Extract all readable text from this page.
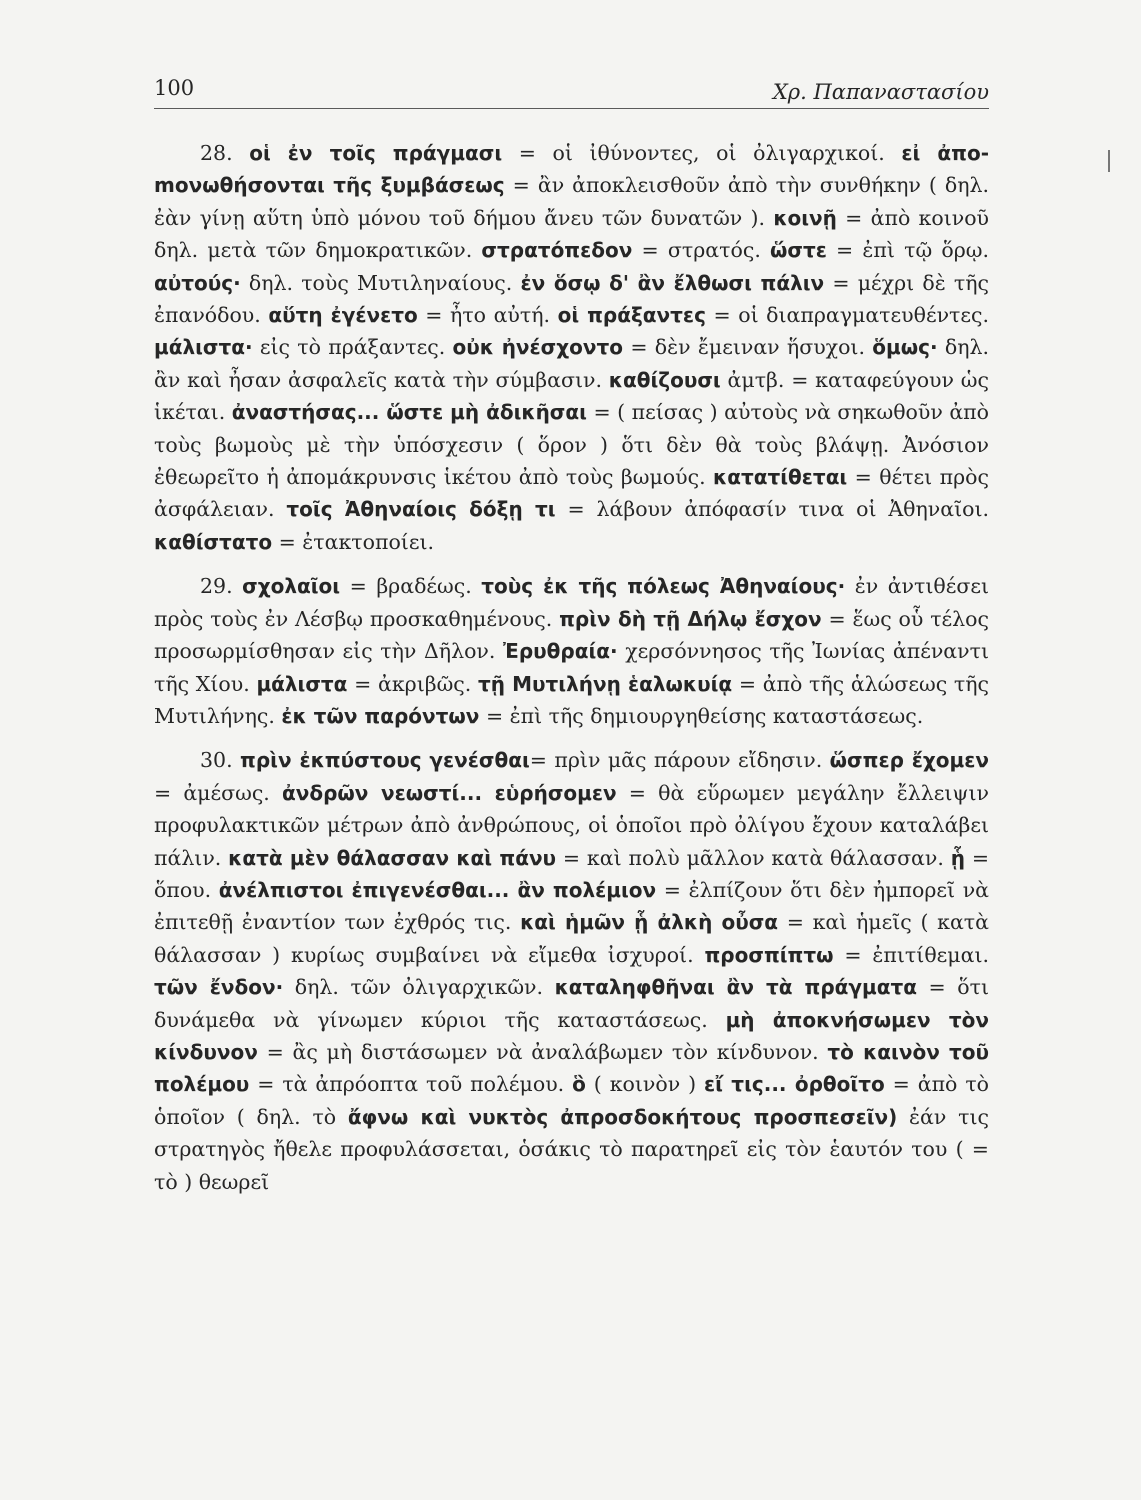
100	Χρ. Παπαναστασίου

28. οἱ ἐν τοῖς πράγμασι = οἱ ἰθύνοντες, οἱ ὀλιγαρχικοί. εἰ ἀποmονωθήσονται τῆς ξυμβάσεως = ἂν ἀποκλεισθοῦν ἀπὸ τὴν συνθήκην ( δηλ. ἐὰν γίνῃ αὕτη ὑπὸ μόνου τοῦ δήμου ἄνευ τῶν δυνατῶν ). κοινῇ = ἀπὸ κοινοῦ δηλ. μετὰ τῶν δημοκρατικῶν. στρατόπεδον = στρατός. ὥστε = ἐπὶ τῷ ὅρῳ. αὐτούς· δηλ. τοὺς Μυτιληναίους. ἐν ὅσῳ δ' ἂν ἔλθωσι πάλιν = μέχρι δὲ τῆς ἐπανόδου. αὕτη ἐγένετο = ἦτο αὐτή. οἱ πράξαντες = οἱ διαπραγματευθέντες. μάλιστα· εἰς τὸ πράξαντες. οὐκ ἠνέσχοντο = δὲν ἔμειναν ἥσυχοι. ὅμως· δηλ. ἂν καὶ ἦσαν ἀσφαλεῖς κατὰ τὴν σύμβασιν. καθίζουσι ἀμτβ. = καταφεύγουν ὡς ἱκέται. ἀναστήσας... ὥστε μὴ ἀδικῆσαι = ( πείσας ) αὐτοὺς νὰ σηκωθοῦν ἀπὸ τοὺς βωμοὺς μὲ τὴν ὑπόσχεσιν ( ὅρον ) ὅτι δὲν θὰ τοὺς βλάψῃ. Ἀνόσιον ἐθεωρεῖτο ἡ ἀπομάκρυνσις ἱκέτου ἀπὸ τοὺς βωμούς. κατατίθεται = θέτει πρὸς ἀσφάλειαν. τοῖς Ἀθηναίοις δόξῃ τι = λάβουν ἀπόφασίν τινα οἱ Ἀθηναῖοι. καθίστατο = ἐτακτοποίει.

29. σχολαῖοι = βραδέως. τοὺς ἐκ τῆς πόλεως Ἀθηναίους· ἐν ἀντιθέσει πρὸς τοὺς ἐν Λέσβῳ προσκαθημένους. πρὶν δὴ τῇ Δήλῳ ἔσχον = ἕως οὗ τέλος προσωρμίσθησαν εἰς τὴν Δῆλον. Ἐρυθραία· χερσόννησος τῆς Ἰωνίας ἀπέναντι τῆς Χίου. μάλιστα = ἀκριβῶς. τῇ Μυτιλήνῃ ἑαλωκυίᾳ = ἀπὸ τῆς ἁλώσεως τῆς Μυτιλήνης. ἐκ τῶν παρόντων = ἐπὶ τῆς δημιουργηθείσης καταστάσεως.

30. πρὶν ἐκπύστους γενέσθαι= πρὶν μᾶς πάρουν εἴδησιν. ὥσπερ ἔχομεν = ἀμέσως. ἀνδρῶν νεωστί... εὑρήσομεν = θὰ εὕρωμεν μεγάλην ἔλλειψιν προφυλακτικῶν μέτρων ἀπὸ ἀνθρώπους, οἱ ὁποῖοι πρὸ ὀλίγου ἔχουν καταλάβει πάλιν. κατὰ μὲν θάλασσαν καὶ πάνυ = καὶ πολὺ μᾶλλον κατὰ θάλασσαν. ᾗ = ὅπου. ἀνέλπιστοι ἐπιγενέσθαι... ἂν πολέμιον = ἐλπίζουν ὅτι δὲν ἠμπορεῖ νὰ ἐπιτεθῇ ἐναντίον των ἐχθρός τις. καὶ ἡμῶν ᾗ ἀλκὴ οὖσα = καὶ ἡμεῖς ( κατὰ θάλασσαν ) κυρίως συμβαίνει νὰ εἴμεθα ἰσχυροί. προσπίπτω = ἐπιτίθεμαι. τῶν ἔνδον· δηλ. τῶν ὀλιγαρχικῶν. καταληφθῆναι ἂν τὰ πράγματα = ὅτι δυνάμεθα νὰ γίνωμεν κύριοι τῆς καταστάσεως. μὴ ἀποκνήσωμεν τὸν κίνδυνον = ἂς μὴ διστάσωμεν νὰ ἀναλάβωμεν τὸν κίνδυνον. τὸ καινὸν τοῦ πολέμου = τὰ ἀπρόοπτα τοῦ πολέμου. ὃ ( κοινὸν ) εἴ τις... ὀρθοῖτο = ἀπὸ τὸ ὁποῖον ( δηλ. τὸ ἄφνω καὶ νυκτὸς ἀπροσδοκήτους προσπεσεῖν) ἐάν τις στρατηγὸς ἤθελε προφυλάσσεται, ὁσάκις τὸ παρατηρεῖ εἰς τὸν ἑαυτόν του ( = τὸ ) θεωρεῖ
